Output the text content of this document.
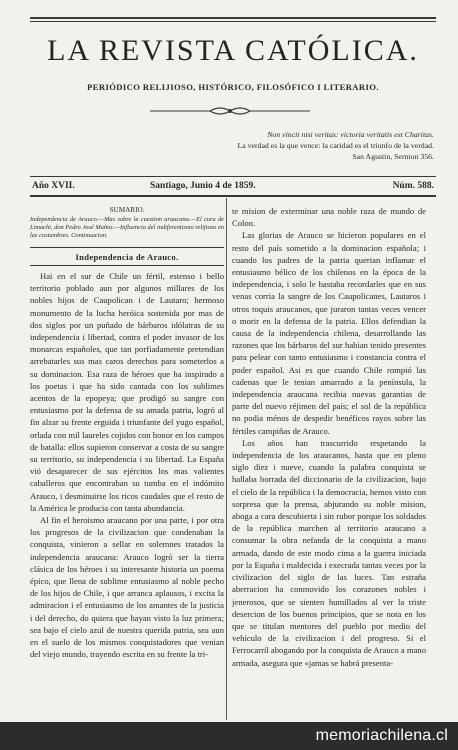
LA REVISTA CATÓLICA.
PERIÓDICO RELIJIOSO, HISTÓRICO, FILOSÓFICO I LITERARIO.
Non vincit nisi veritas: victoria veritatis est Charitas.
La verdad es la que vence: la caridad es el triunfo de la verdad.
San Agustin, Sermon 356.
Año XVII.	Santiago, Junio 4 de 1859.	Núm. 588.
SUMARIO.
Independencia de Arauco.—Mas sobre la cuestion araucana.—El cura de Limachi, don Pedro José Muñoz.—Influencia del indiferentismo relijioso en las costumbres. Continuacion.
Independencia de Arauco.

Hai en el sur de Chile un fértil, estenso i bello territorio poblado aun por algunos millares de los nobles hijos de Caupolican i de Lautaro; hermoso monumento de la lucha heróica sostenida por mas de dos siglos por un puñado de bárbaros idólatras de su independencia i libertad, contra el poder invasor de los monarcas españoles, que tan porfiadamente pretendian arrebatarles sus mas caros derechos para someterlos a su dominacion. Esa raza de héroes que ha inspirado a los poetas i que ha sido cantada con los sublimes acentos de la epopeya; que prodigó su sangre con entusiasmo por la defensa de su amada patria, logró al fin alzar su frente erguida i triunfante del yugo español, orlada con mil laureles cojidos con honor en los campos de batalla: ellos supieron conservar a costa de su sangre su territorio, su independencia i su libertad. La España vió desaparecer de sus ejércitos los mas valientes caballeros que encontraban su tumba en el indómito Arauco, i desminuirse los ricos caudales que el resto de la América le producia con tanta abundancia.

Al fin el heroismo araucano por una parte, i por otra los progresos de la civilizacion que condenaban la conquista, vinieron a sellar en solemnes tratados la independencia araucana: Arauco logró ser la tierra clásica de los héroes i su interesante historia un poema épico, que llena de sublime entusiasmo al noble pecho de los hijos de Chile, i que arranca aplausos, i excita la admiracion i el entusiasmo de los amantes de la justicia i del derecho, do quiera que hayan visto la luz primera; sea bajo el cielo azul de nuestra querida patria, sea aun en el suelo de los mismos conquistadores que venian del viejo mundo, trayendo escrita en su frente la tri-

te mision de exterminar una noble raza de mundo de Colon.

Las glorias de Arauco se hicieron populares en el resto del país sometido a la dominacion española; i cuando los padres de la patria querian inflamar el entusiasmo bélico de los chilenos en la época de la independencia, i solo le bastaba recordarles que en sus venas corria la sangre de los Caupolicanes, Lautaros i otros toquis araucanos, que juraron tantas veces vencer o morir en la defensa de la patria. Ellos defendian la causa de la independencia chilena, desarrollando las razones que los bárbaros del sur habian tenido presentes para pelear con tanto entusiasmo i constancia contra el poder español. Asi es que cuando Chile rompió las cadenas que le tenian amarrado a la península, la independencia araucana recibia nuevas garantias de parte del nuevo réjimen del país; el sol de la república no podia ménos de despedir benéficos rayos sobre las fértiles campiñas de Arauco.

Los años han trascurrido respetando la independencia de los araucanos, hasta que en pleno siglo diez i nueve, cuando la palabra conquista se hallaba borrada del diccionario de la civilizacion, bajo el cielo de la república i la democracia, hemos visto con sorpresa que la prensa, abjurando su noble mision, aboga a cara descubierta i sin rubor porque los soldados de la república marchen al territorio araucano a consumar la obra nefanda de la conquista a mano armada, dando de este modo cima a la guerra iniciada por la España i maldecida i execrada tantas veces por la civilizacion del siglo de las luces. Tan estraña aberracion ha conmovido los corazones nobles i jenerosos, que se sienten humillados al ver la triste desercion de los buenos principios, que se nota en los que se titulan mentores del pueblo por medio del vehículo de la civilizacion i del progreso. Si el Ferrocarril abogando por la conquista de Arauco a mano armada, asegura que «jamas se habrá presenta-

memoriachilena.cl
